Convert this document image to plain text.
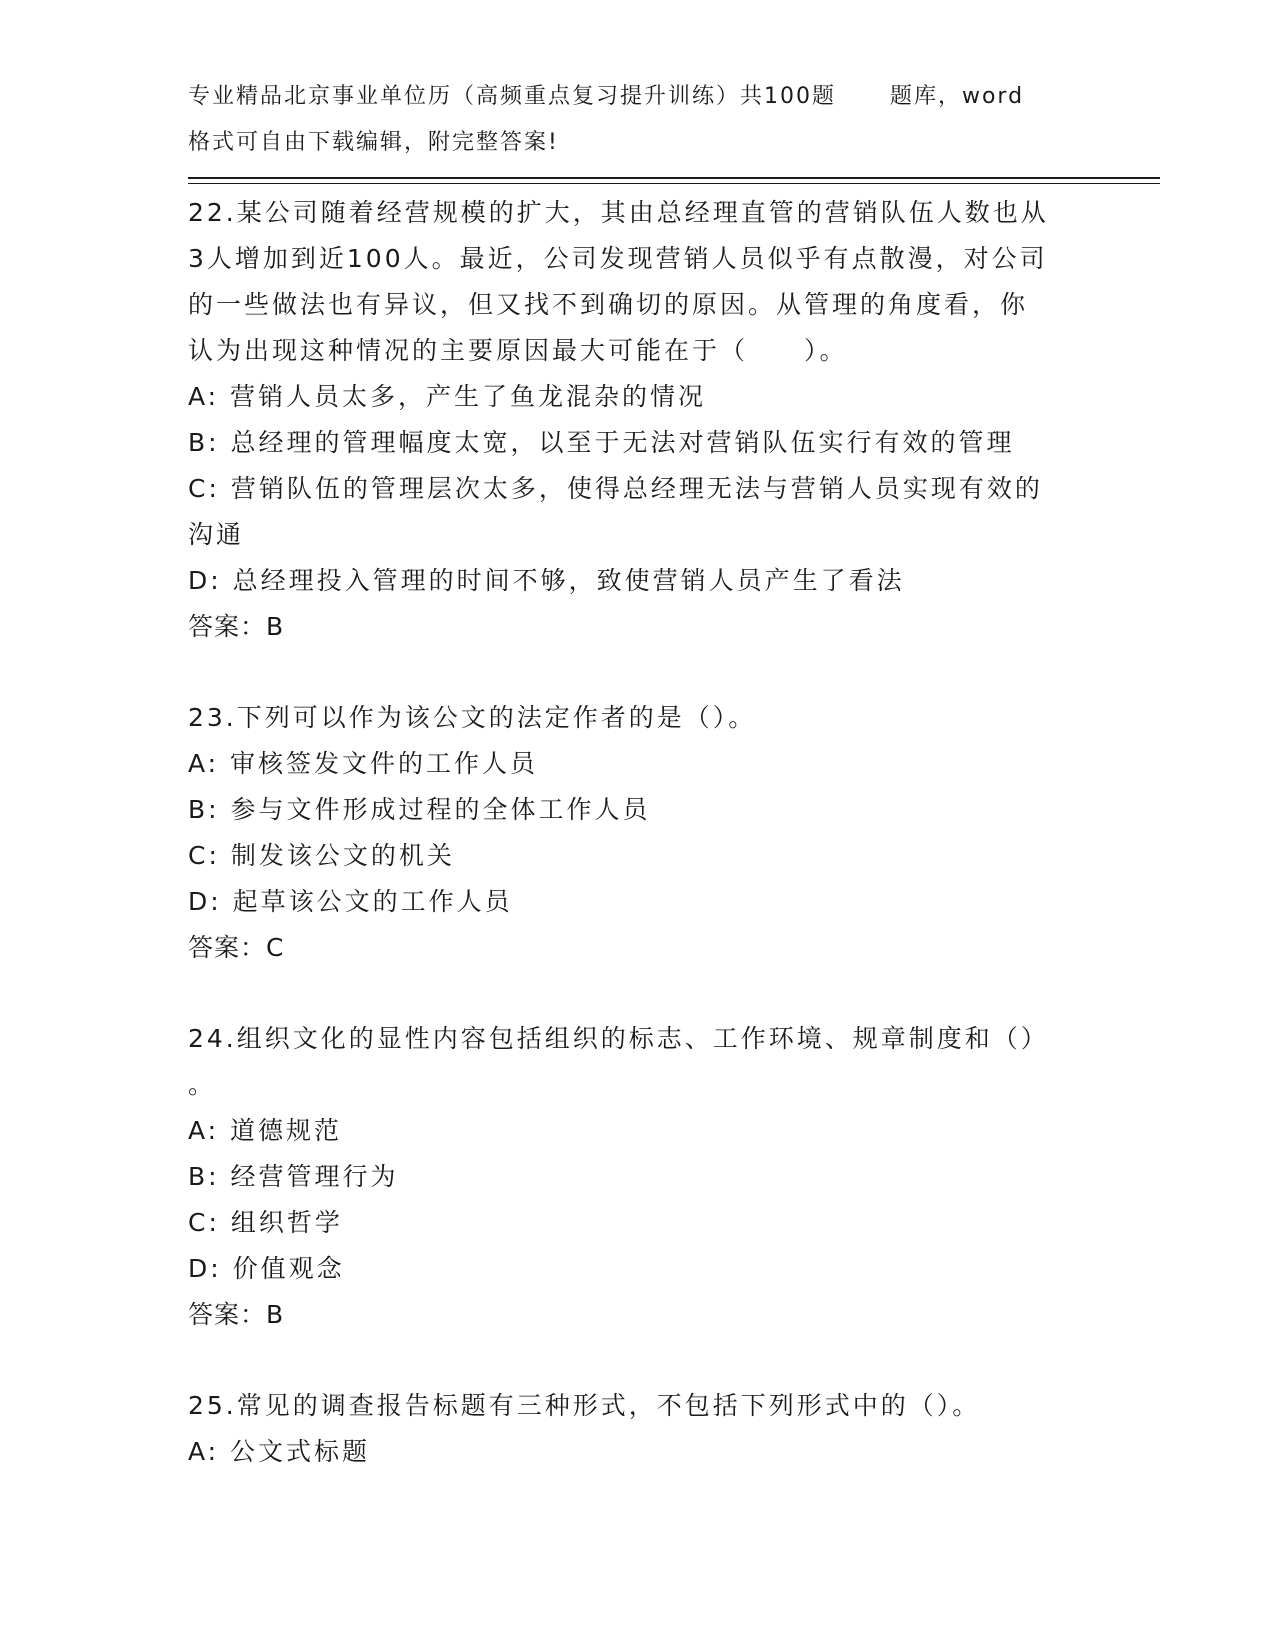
专业精品北京事业单位历（高频重点复习提升训练）共100题      题库，word
格式可自由下载编辑，附完整答案!
22.某公司随着经营规模的扩大，其由总经理直管的营销队伍人数也从
3人增加到近100人。最近，公司发现营销人员似乎有点散漫，对公司
的一些做法也有异议，但又找不到确切的原因。从管理的角度看，你
认为出现这种情况的主要原因最大可能在于（　　）。
A: 营销人员太多，产生了鱼龙混杂的情况
B: 总经理的管理幅度太宽，以至于无法对营销队伍实行有效的管理
C: 营销队伍的管理层次太多，使得总经理无法与营销人员实现有效的
沟通
D: 总经理投入管理的时间不够，致使营销人员产生了看法
答案：B
23.下列可以作为该公文的法定作者的是（）。
A: 审核签发文件的工作人员
B: 参与文件形成过程的全体工作人员
C: 制发该公文的机关
D: 起草该公文的工作人员
答案：C
24.组织文化的显性内容包括组织的标志、工作环境、规章制度和（）
。
A: 道德规范
B: 经营管理行为
C: 组织哲学
D: 价值观念
答案：B
25.常见的调查报告标题有三种形式，不包括下列形式中的（）。
A: 公文式标题
